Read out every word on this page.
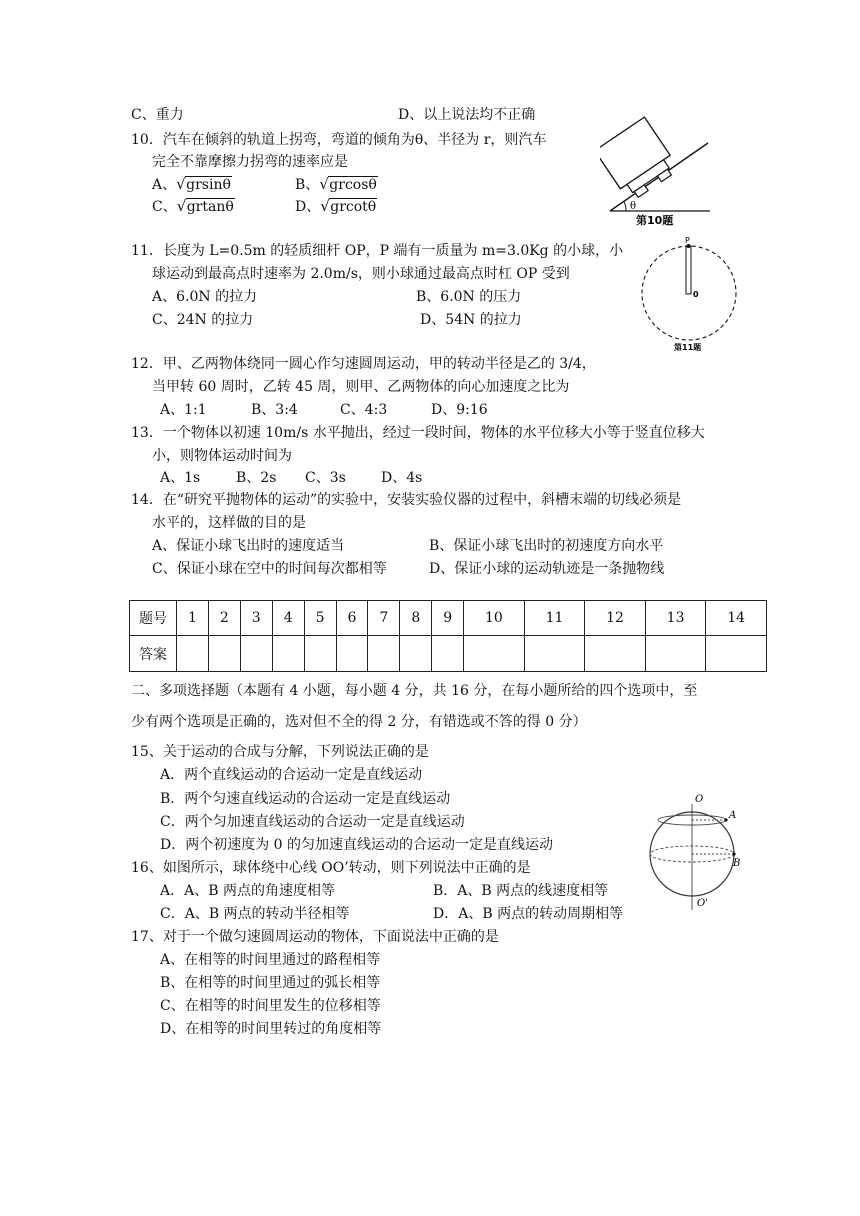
C、重力	D、以上说法均不正确
10．汽车在倾斜的轨道上拐弯，弯道的倾角为θ、半径为 r，则汽车
完全不靠摩擦力拐弯的速率应是
A、 √ grsinθ	B、 √ grcosθ
C、 √ grtanθ	D、 √ grcotθ	θ
第10题
11．长度为 L=0.5m 的轻质细杆 OP，P 端有一质量为 m=3.0Kg 的小球，小
球运动到最高点时速率为 2.0m/s，则小球通过最高点时杠 OP 受到
A、6.0N 的拉力	B、6.0N 的压力
C、24N 的拉力	D、54N 的拉力
P
0
第11题
12．甲、乙两物体绕同一圆心作匀速圆周运动，甲的转动半径是乙的 3/4，
当甲转 60 周时，乙转 45 周，则甲、乙两物体的向心加速度之比为
A、1:1	B、3:4	C、4:3	D、9:16
13．一个物体以初速 10m/s 水平抛出，经过一段时间，物体的水平位移大小等于竖直位移大
小，则物体运动时间为
A、1s	B、2s C、3s	D、4s
14．在“研究平抛物体的运动”的实验中，安装实验仪器的过程中，斜槽末端的切线必须是
水平的，这样做的目的是
A、保证小球飞出时的速度适当	B、保证小球飞出时的初速度方向水平
C、保证小球在空中的时间每次都相等	D、保证小球的运动轨迹是一条抛物线
题号	1	2	3	4	5	6	7	8	9	10	11	12	13	14
答案														
二、多项选择题（本题有 4 小题，每小题 4 分，共 16 分，在每小题所给的四个选项中，至
少有两个选项是正确的，选对但不全的得 2 分，有错选或不答的得 0 分）
15、关于运动的合成与分解，下列说法正确的是
A．两个直线运动的合运动一定是直线运动
B．两个匀速直线运动的合运动一定是直线运动
C．两个匀加速直线运动的合运动一定是直线运动
D．两个初速度为 0 的匀加速直线运动的合运动一定是直线运动
16、如图所示，球体绕中心线 OO’转动，则下列说法中正确的是
A．A、B 两点的角速度相等	B．A、B 两点的线速度相等
C．A、B 两点的转动半径相等	D．A、B 两点的转动周期相等
O
A
B
O'
17、对于一个做匀速圆周运动的物体，下面说法中正确的是
A、在相等的时间里通过的路程相等
B、在相等的时间里通过的弧长相等
C、在相等的时间里发生的位移相等
D、在相等的时间里转过的角度相等
